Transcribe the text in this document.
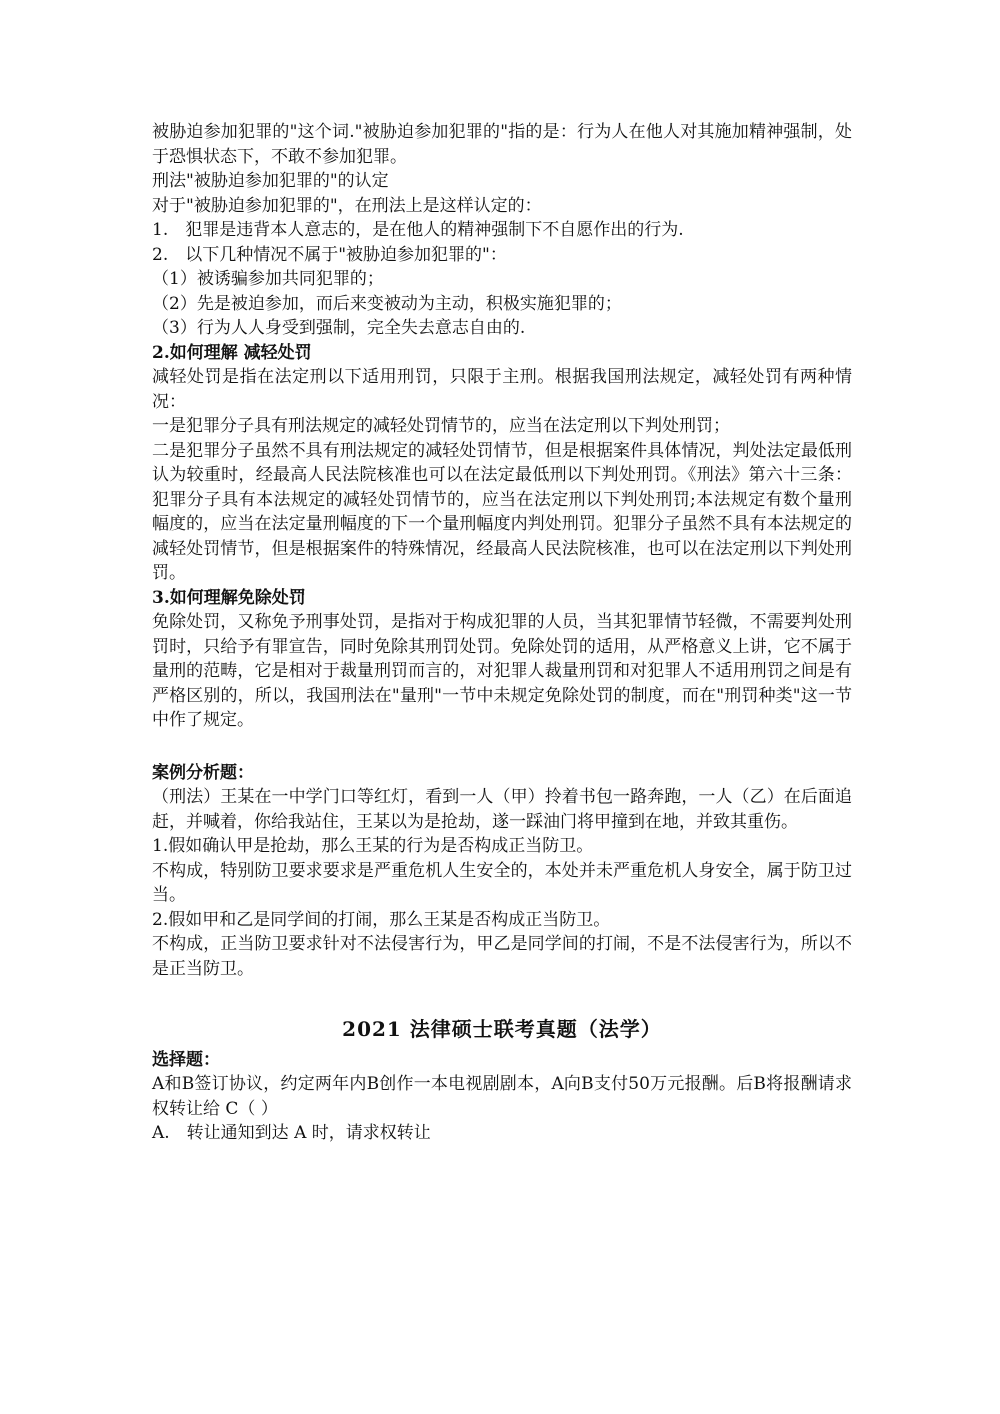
被胁迫参加犯罪的"这个词."被胁迫参加犯罪的"指的是：行为人在他人对其施加精神强制，处于恐惧状态下，不敢不参加犯罪。

刑法"被胁迫参加犯罪的"的认定

对于"被胁迫参加犯罪的"，在刑法上是这样认定的：

1.　犯罪是违背本人意志的，是在他人的精神强制下不自愿作出的行为.

2.　以下几种情况不属于"被胁迫参加犯罪的"：

（1）被诱骗参加共同犯罪的；

（2）先是被迫参加，而后来变被动为主动，积极实施犯罪的；

（3）行为人人身受到强制，完全失去意志自由的.

2.如何理解 减轻处罚

减轻处罚是指在法定刑以下适用刑罚，只限于主刑。根据我国刑法规定，减轻处罚有两种情况：

一是犯罪分子具有刑法规定的减轻处罚情节的，应当在法定刑以下判处刑罚；

二是犯罪分子虽然不具有刑法规定的减轻处罚情节，但是根据案件具体情况，判处法定最低刑认为较重时，经最高人民法院核准也可以在法定最低刑以下判处刑罚。《刑法》第六十三条：犯罪分子具有本法规定的减轻处罚情节的，应当在法定刑以下判处刑罚;本法规定有数个量刑幅度的，应当在法定量刑幅度的下一个量刑幅度内判处刑罚。犯罪分子虽然不具有本法规定的减轻处罚情节，但是根据案件的特殊情况，经最高人民法院核准，也可以在法定刑以下判处刑罚。

3.如何理解免除处罚

免除处罚，又称免予刑事处罚，是指对于构成犯罪的人员，当其犯罪情节轻微，不需要判处刑罚时，只给予有罪宣告，同时免除其刑罚处罚。免除处罚的适用，从严格意义上讲，它不属于量刑的范畴，它是相对于裁量刑罚而言的，对犯罪人裁量刑罚和对犯罪人不适用刑罚之间是有严格区别的，所以，我国刑法在"量刑"一节中未规定免除处罚的制度，而在"刑罚种类"这一节中作了规定。

案例分析题：

（刑法）王某在一中学门口等红灯，看到一人（甲）拎着书包一路奔跑，一人（乙）在后面追赶，并喊着，你给我站住，王某以为是抢劫，遂一踩油门将甲撞到在地，并致其重伤。

1.假如确认甲是抢劫，那么王某的行为是否构成正当防卫。

不构成，特别防卫要求要求是严重危机人生安全的，本处并未严重危机人身安全，属于防卫过当。

2.假如甲和乙是同学间的打闹，那么王某是否构成正当防卫。

不构成，正当防卫要求针对不法侵害行为，甲乙是同学间的打闹，不是不法侵害行为，所以不是正当防卫。

2021 法律硕士联考真题（法学）

选择题：

A和B签订协议，约定两年内B创作一本电视剧剧本，A向B支付50万元报酬。后B将报酬请求权转让给 C（ ）

A.　转让通知到达 A 时，请求权转让
